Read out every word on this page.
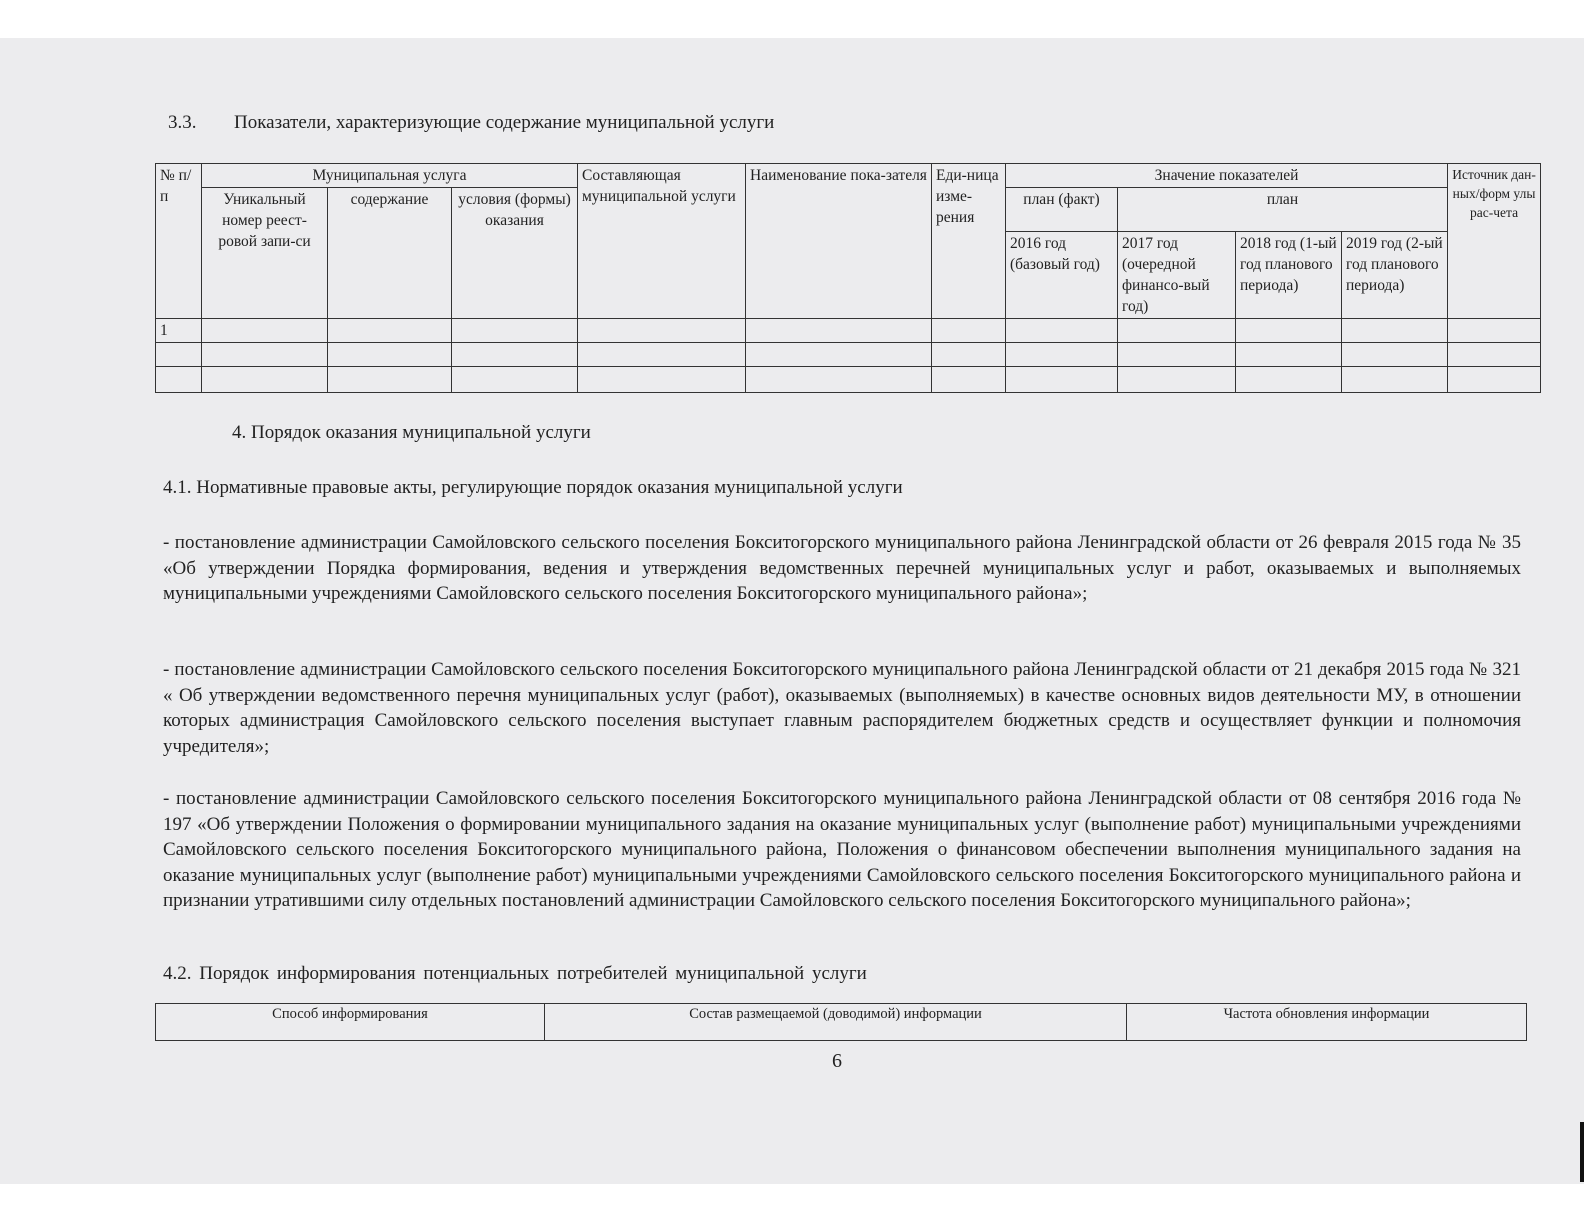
3.3. Показатели, характеризующие содержание муниципальной услуги
№ п/п	Муниципальная услуга			Составляющая муниципальной услуги	Наименование пока-зателя	Еди-ница изме-рения	Значение показателей				Источник дан-ных/форм улы рас-чета
	Уникальный номер реест-ровой запи-си	содержание	условия (формы) оказания				план (факт)	план			
							2016 год (базовый год)	2017 год (очередной финансо-вый год)	2018 год (1-ый год планового периода)	2019 год (2-ый год планового периода)	

1											

4. Порядок оказания муниципальной услуги
4.1. Нормативные правовые акты, регулирующие порядок оказания муниципальной услуги
- постановление администрации Самойловского сельского поселения Бокситогорского муниципального района Ленинградской области от 26 февраля 2015 года № 35 «Об утверждении Порядка формирования, ведения и утверждения ведомственных перечней муниципальных услуг и работ, оказываемых и выполняемых муниципальными учреждениями Самойловского сельского поселения Бокситогорского муниципального района»;
- постановление администрации Самойловского сельского поселения Бокситогорского муниципального района Ленинградской области от 21 декабря 2015 года № 321 « Об утверждении ведомственного перечня муниципальных услуг (работ), оказываемых (выполняемых) в качестве основных видов деятельности МУ, в отношении которых администрация Самойловского сельского поселения выступает главным распорядителем бюджетных средств и осуществляет функции и полномочия учредителя»;
- постановление администрации Самойловского сельского поселения Бокситогорского муниципального района Ленинградской области от 08 сентября 2016 года № 197 «Об утверждении Положения о формировании муниципального задания на оказание муниципальных услуг (выполнение работ) муниципальными учреждениями Самойловского сельского поселения Бокситогорского муниципального района, Положения о финансовом обеспечении выполнения муниципального задания на оказание муниципальных услуг (выполнение работ) муниципальными учреждениями Самойловского сельского поселения Бокситогорского муниципального района и признании утратившими силу отдельных постановлений администрации Самойловского сельского поселения Бокситогорского муниципального района»;
4.2. Порядок информирования потенциальных потребителей муниципальной услуги
Способ информирования	Состав размещаемой (доводимой) информации	Частота обновления информации
6
